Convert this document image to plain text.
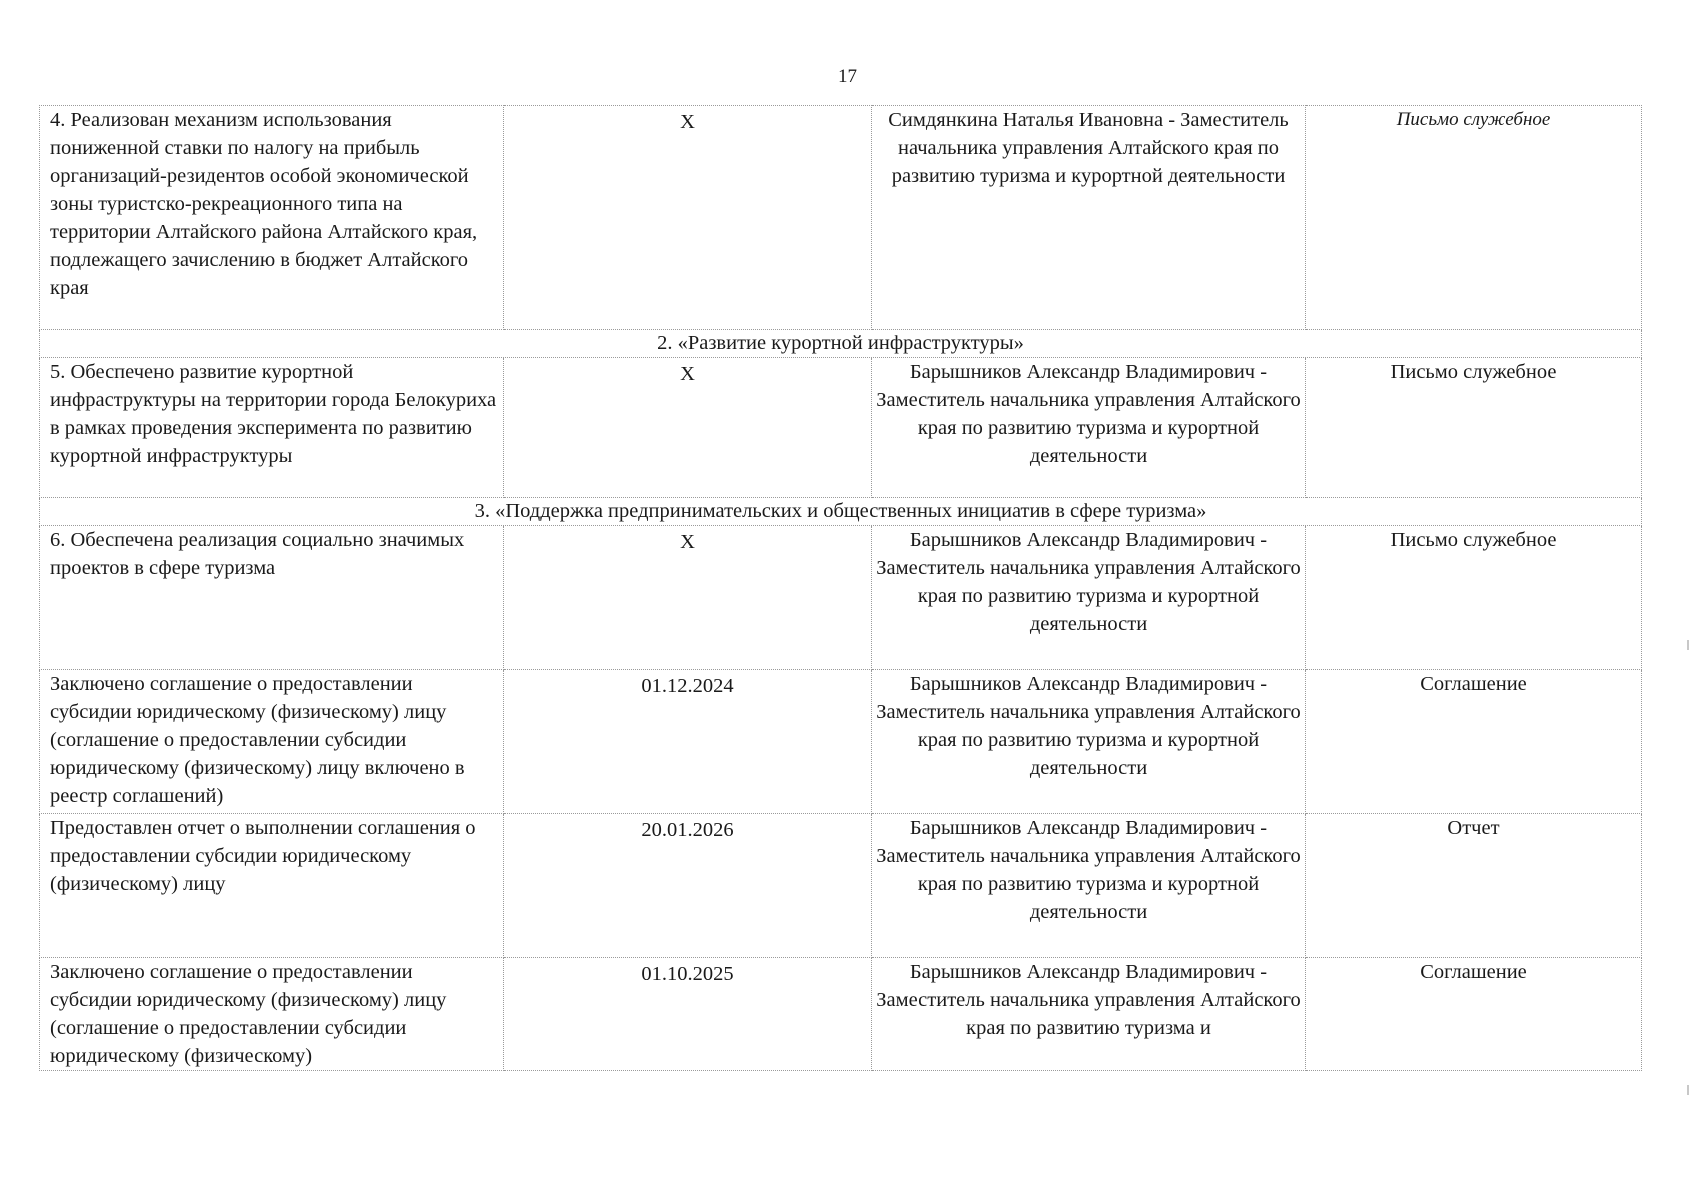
17
4. Реализован механизм использования пониженной ставки по налогу на прибыль организаций-резидентов особой экономической зоны туристско-рекреационного типа на территории Алтайского района Алтайского края, подлежащего зачислению в бюджет Алтайского края	X	Симдянкина Наталья Ивановна - Заместитель начальника управления Алтайского края по развитию туризма и курортной деятельности	Письмо служебное
2. «Развитие курортной инфраструктуры»			
5. Обеспечено развитие курортной инфраструктуры на территории города Белокуриха в рамках проведения эксперимента по развитию курортной инфраструктуры	X	Барышников Александр Владимирович - Заместитель начальника управления Алтайского края по развитию туризма и курортной деятельности	Письмо служебное
3. «Поддержка предпринимательских и общественных инициатив в сфере туризма»			
6. Обеспечена реализация социально значимых проектов в сфере туризма	X	Барышников Александр Владимирович - Заместитель начальника управления Алтайского края по развитию туризма и курортной деятельности	Письмо служебное
Заключено соглашение о предоставлении субсидии юридическому (физическому) лицу (соглашение о предоставлении субсидии юридическому (физическому) лицу включено в реестр соглашений)	01.12.2024	Барышников Александр Владимирович - Заместитель начальника управления Алтайского края по развитию туризма и курортной деятельности	Соглашение
Предоставлен отчет о выполнении соглашения о предоставлении субсидии юридическому (физическому) лицу	20.01.2026	Барышников Александр Владимирович - Заместитель начальника управления Алтайского края по развитию туризма и курортной деятельности	Отчет
Заключено соглашение о предоставлении субсидии юридическому (физическому) лицу (соглашение о предоставлении субсидии юридическому (физическому)	01.10.2025	Барышников Александр Владимирович - Заместитель начальника управления Алтайского края по развитию туризма и	Соглашение
